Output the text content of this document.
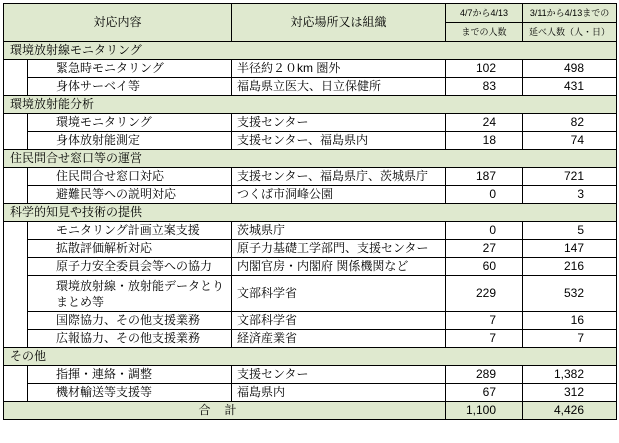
対応内容		対応場所又は組織	4/7から4/13	3/11から4/13までの
			までの人数	延べ人数（人・日）
環境放射線モニタリング				
	緊急時モニタリング	半径約２０km 圏外	102	498
	身体サーベイ等	福島県立医大、日立保健所	83	431
環境放射能分析				
	環境モニタリング	支援センター	24	82
	身体放射能測定	支援センター、福島県内	18	74
住民問合せ窓口等の運営				
	住民問合せ窓口対応	支援センター、福島県庁、茨城県庁	187	721
	避難民等への説明対応	つくば市洞峰公園	0	3
科学的知見や技術の提供				
	モニタリング計画立案支援	茨城県庁	0	5
	拡散評価解析対応	原子力基礎工学部門、支援センター	27	147
	原子力安全委員会等への協力	内閣官房・内閣府 関係機関など	60	216
	環境放射線・放射能データとりまとめ等	文部科学省	229	532
	国際協力、その他支援業務	文部科学省	7	16
	広報協力、その他支援業務	経済産業省	7	7
その他				
	指揮・連絡・調整	支援センター	289	1,382
	機材輸送等支援等	福島県内	67	312
合計			1,100	4,426
